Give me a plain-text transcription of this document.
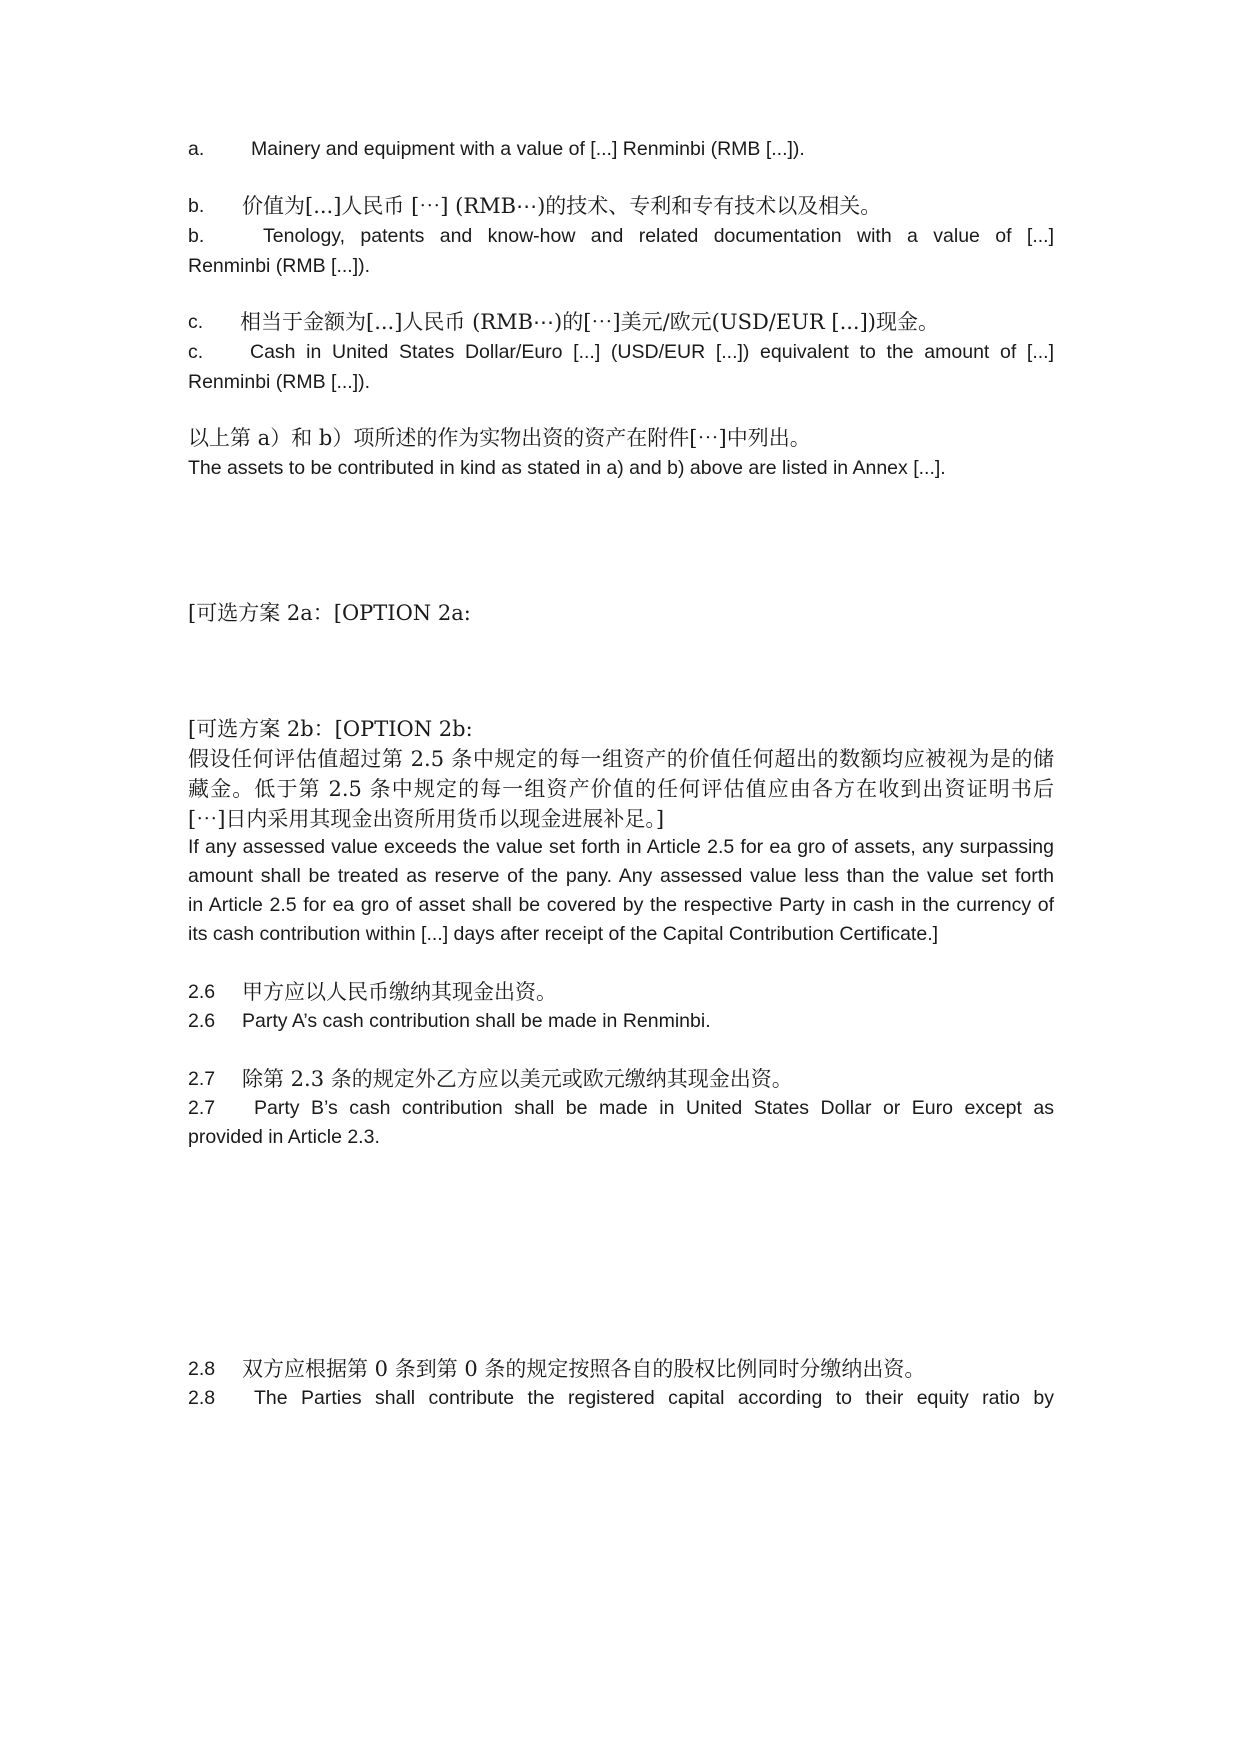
a. Mainery and equipment with a value of [...] Renminbi (RMB [...]).
b. 价值为[...]人民币 [⋯] (RMB⋯)的技术、专利和专有技术以及相关。
b.	Tenology, patents and know-how and related documentation with a value of [...]
Renminbi (RMB [...]).
c. 相当于金额为[...]人民币 (RMB⋯)的[⋯]美元/欧元(USD/EUR [...])现金。
c. Cash in United States Dollar/Euro [...] (USD/EUR [...]) equivalent to the amount of [...]
Renminbi (RMB [...]).
以上第 a）和 b）项所述的作为实物出资的资产在附件[⋯]中列出。
The assets to be contributed in kind as stated in a) and b) above are listed in Annex [...].
[可选方案 2a：[OPTION 2a:
[可选方案 2b：[OPTION 2b:
假设任何评估值超过第 2.5 条中规定的每一组资产的价值任何超出的数额均应被视为是的储
藏金。低于第 2.5 条中规定的每一组资产价值的任何评估值应由各方在收到出资证明书后
[⋯]日内采用其现金出资所用货币以现金进展补足。]
If any assessed value exceeds the value set forth in Article 2.5 for ea gro of assets, any surpassing
amount shall be treated as reserve of the pany. Any assessed value less than the value set forth
in Article 2.5 for ea gro of asset shall be covered by the respective Party in cash in the currency of
its cash contribution within [...] days after receipt of the Capital Contribution Certificate.]
2.6 甲方应以人民币缴纳其现金出资。
2.6 Party A’s cash contribution shall be made in Renminbi.
2.7 除第 2.3 条的规定外乙方应以美元或欧元缴纳其现金出资。
2.7 Party B’s cash contribution shall be made in United States Dollar or Euro except as
provided in Article 2.3.
2.8 双方应根据第 0 条到第 0 条的规定按照各自的股权比例同时分缴纳出资。
2.8 The Parties shall contribute the registered capital according to their equity ratio by
